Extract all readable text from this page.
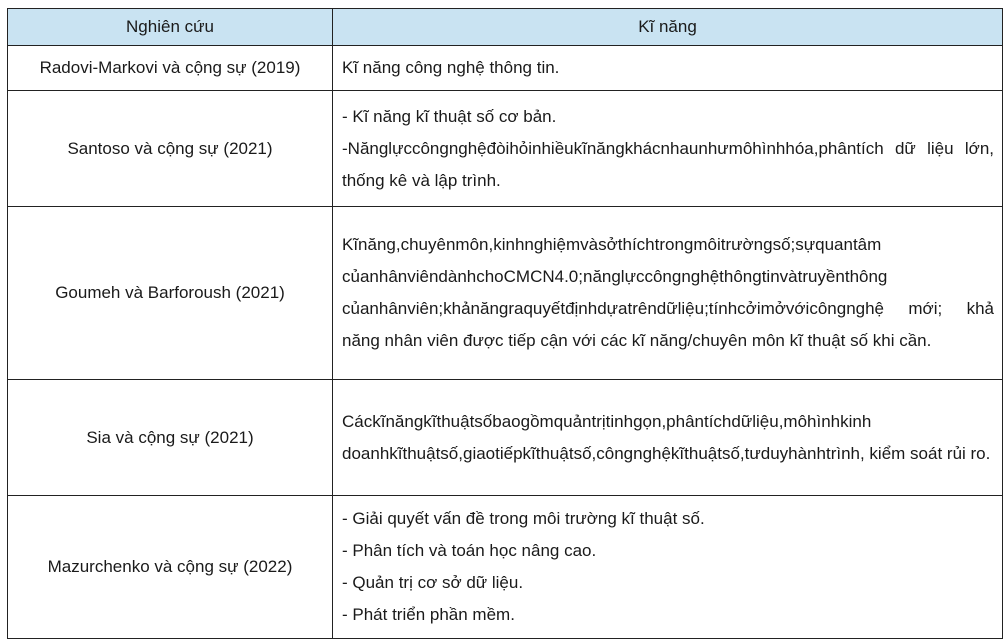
Nghiên cứu	Kĩ năng
Radovi-Markovi và cộng sự (2019)	Kĩ năng công nghệ thông tin.

Santoso và cộng sự (2021)	- Kĩ năng kĩ thuật số cơ bản.
-Nănglựccôngnghệđòihỏinhiềukĩnăngkhácnhaunhưmôhìnhhóa,phântích dữ liệu lớn, thống kê và lập trình.

Goumeh và Barforoush (2021)	Kĩnăng,chuyênmôn,kinhnghiệmvàsởthíchtrongmôitrườngsố;sựquantâm củanhânviêndànhchoCMCN4.0;nănglựccôngnghệthôngtinvàtruyềnthông củanhânviên;khảnăngraquyếtđịnhdựatrêndữliệu;tínhcởimởvớicôngnghệ mới; khả năng nhân viên được tiếp cận với các kĩ năng/chuyên môn kĩ thuật số khi cần.

Sia và cộng sự (2021)	Cáckĩnăngkĩthuậtsốbaogồmquảntrịtinhgọn,phântíchdữliệu,môhìnhkinh doanhkĩthuậtsố,giaotiếpkĩthuậtsố,côngnghệkĩthuậtsố,tưduyhànhtrình, kiểm soát rủi ro.

Mazurchenko và cộng sự (2022)	- Giải quyết vấn đề trong môi trường kĩ thuật số.
- Phân tích và toán học nâng cao.
- Quản trị cơ sở dữ liệu.
- Phát triển phần mềm.
